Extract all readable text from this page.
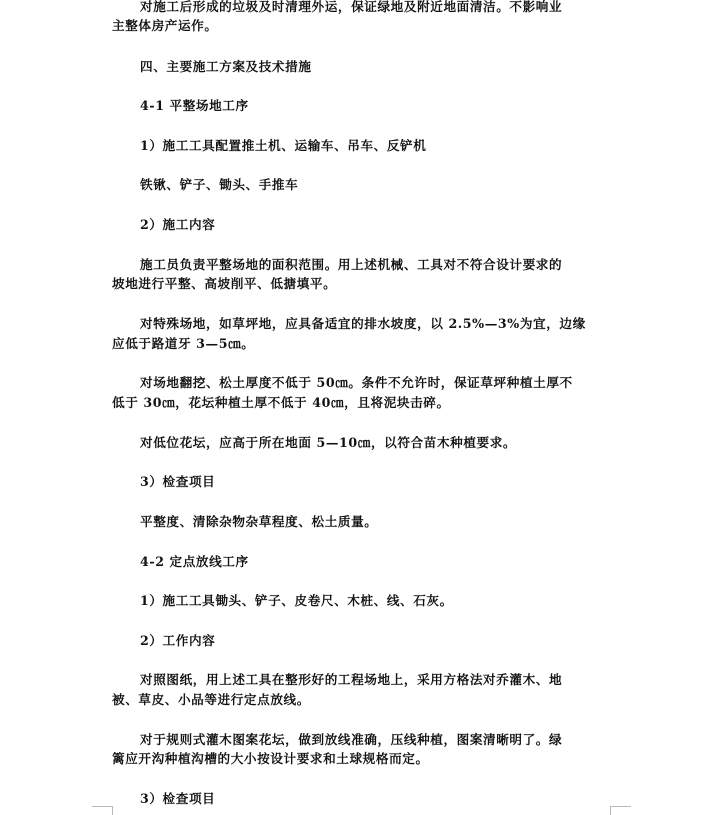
对施工后形成的垃圾及时清理外运，保证绿地及附近地面清洁。不影响业

主整体房产运作。

四、主要施工方案及技术措施

4-1 平整场地工序

1）施工工具配置推土机、运输车、吊车、反铲机

铁锹、铲子、锄头、手推车

2）施工内容

施工员负责平整场地的面积范围。用上述机械、工具对不符合设计要求的

坡地进行平整、高坡削平、低搪填平。

对特殊场地，如草坪地，应具备适宜的排水坡度，以 2.5%—3%为宜，边缘

应低于路道牙 3—5㎝。

对场地翻挖、松土厚度不低于 50㎝。条件不允许时，保证草坪种植土厚不

低于 30㎝，花坛种植土厚不低于 40㎝，且将泥块击碎。

对低位花坛，应高于所在地面 5—10㎝，以符合苗木种植要求。

3）检查项目

平整度、清除杂物杂草程度、松土质量。

4-2 定点放线工序

1）施工工具锄头、铲子、皮卷尺、木桩、线、石灰。

2）工作内容

对照图纸，用上述工具在整形好的工程场地上，采用方格法对乔灌木、地

被、草皮、小品等进行定点放线。

对于规则式灌木图案花坛，做到放线准确，压线种植，图案清晰明了。绿

篱应开沟种植沟槽的大小按设计要求和土球规格而定。

3）检查项目
